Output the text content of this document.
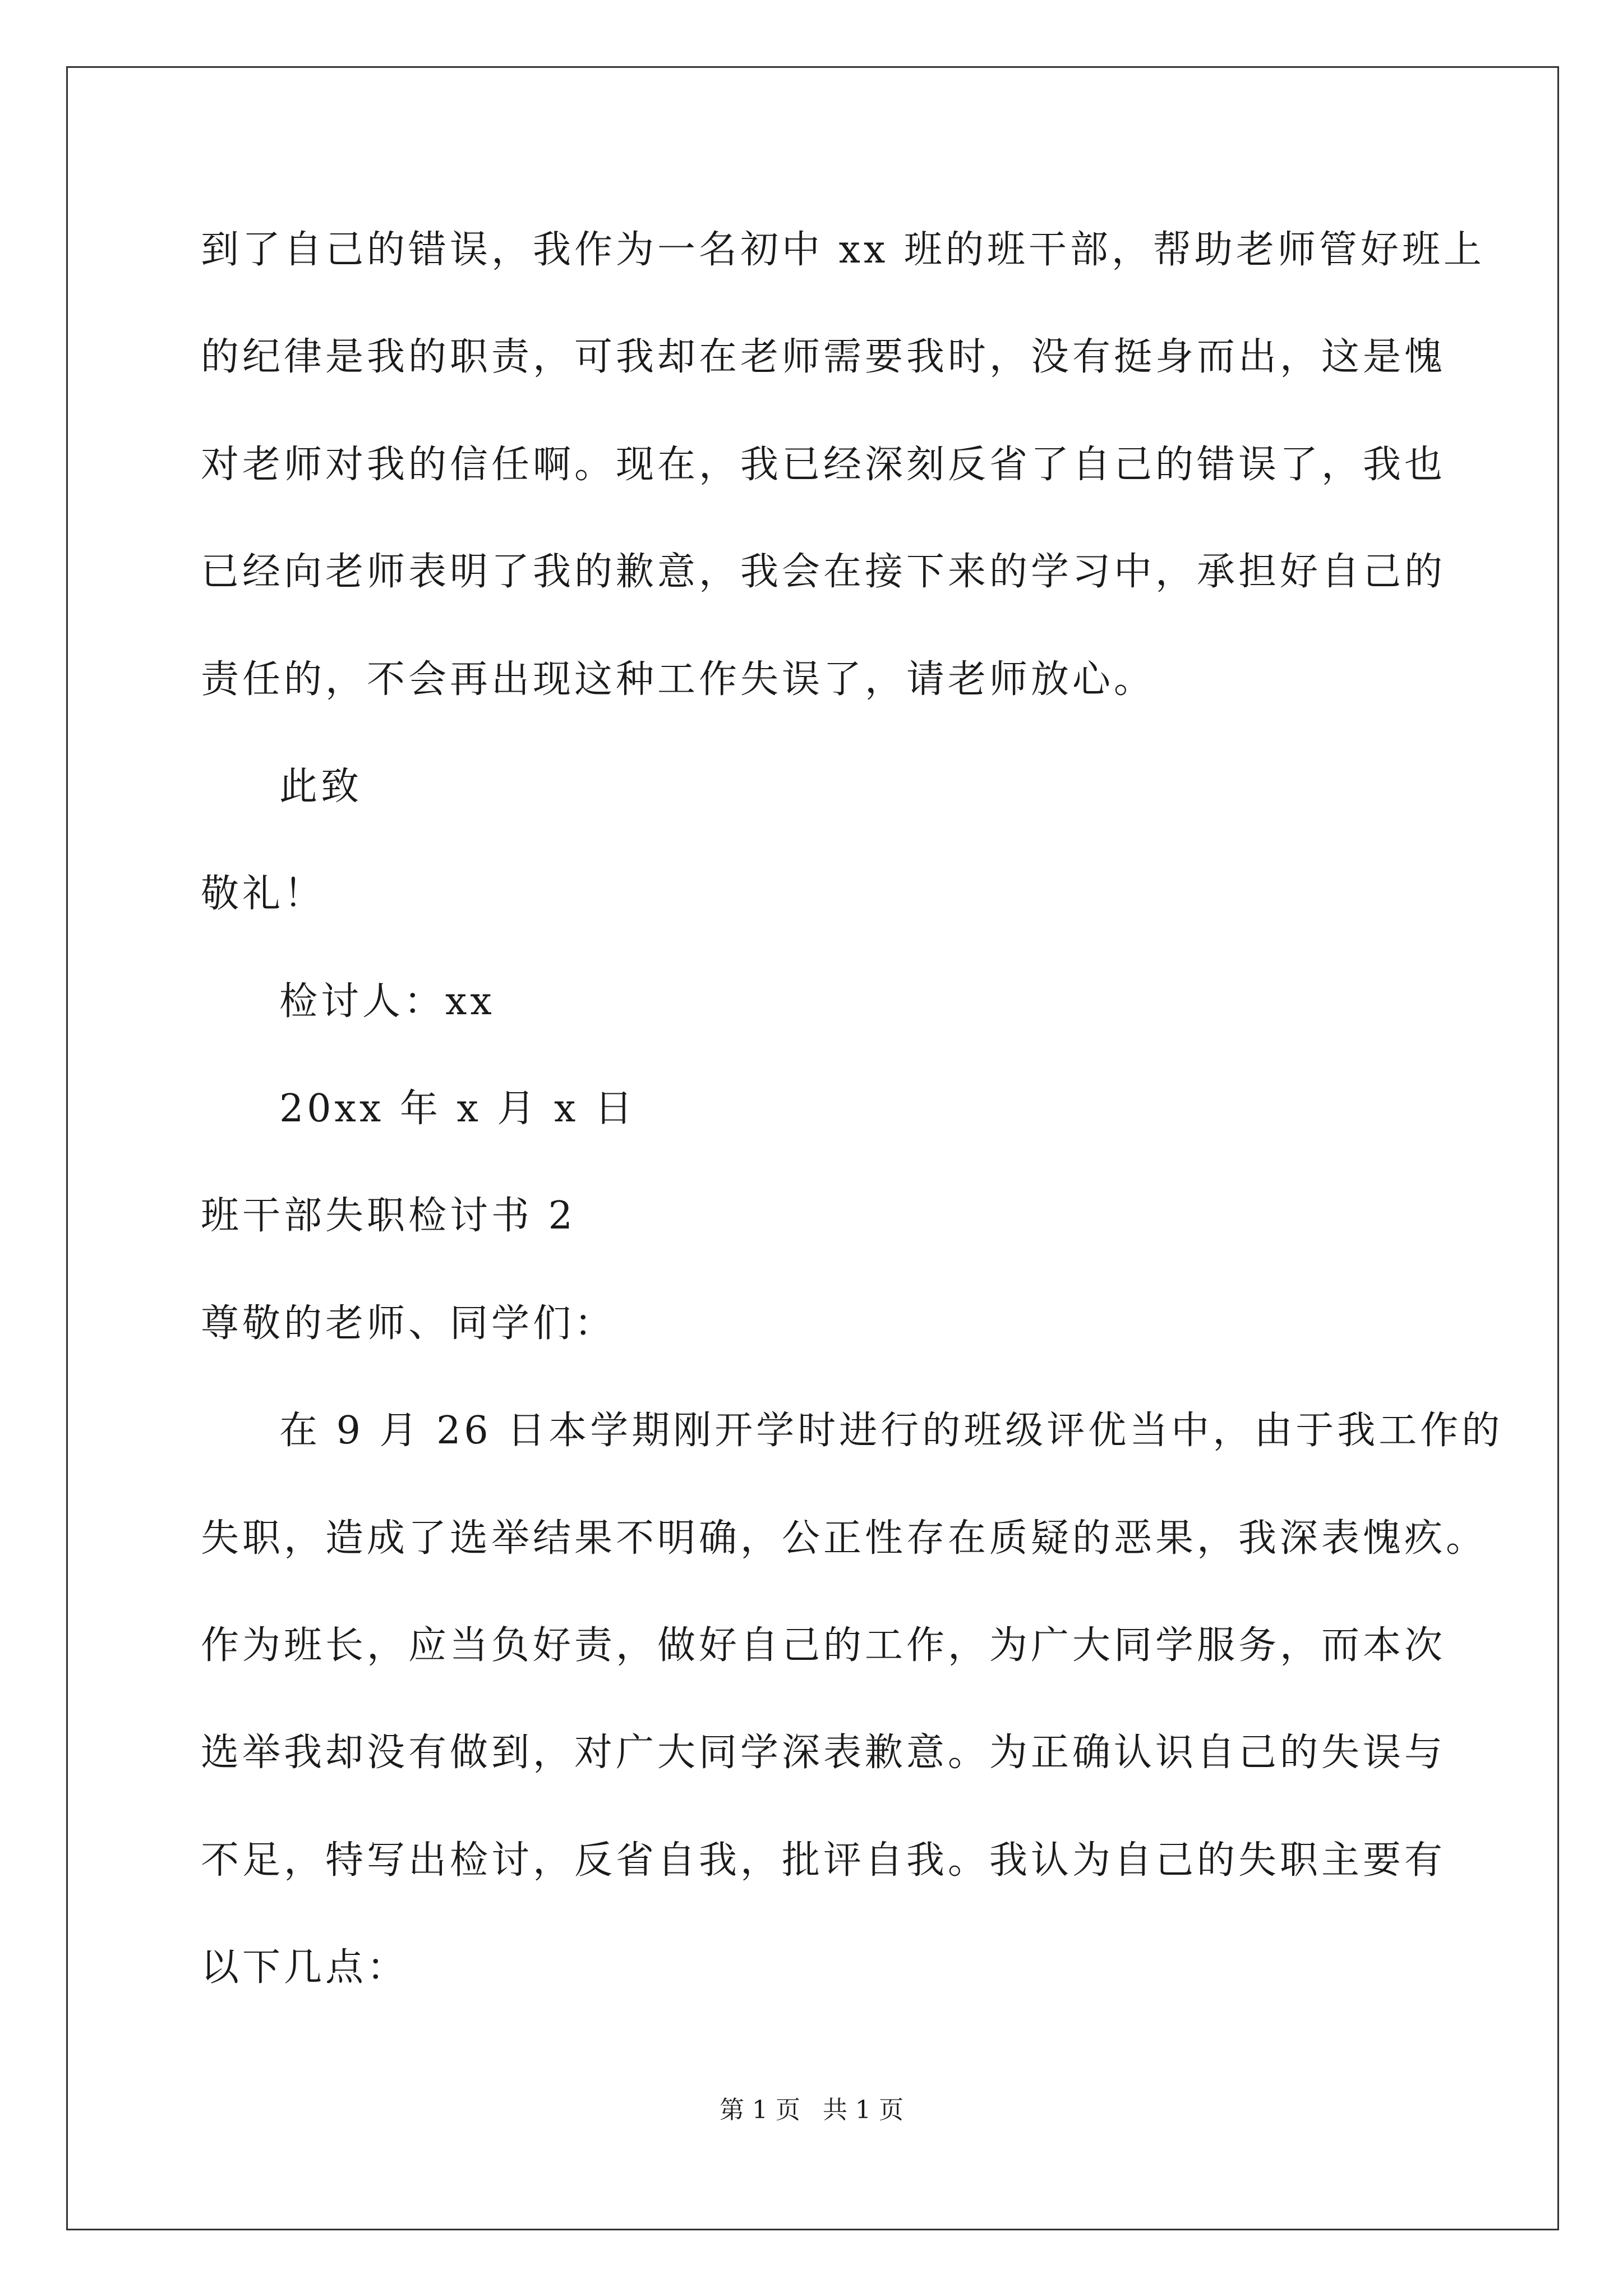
到了自己的错误，我作为一名初中 xx 班的班干部，帮助老师管好班上
的纪律是我的职责，可我却在老师需要我时，没有挺身而出，这是愧
对老师对我的信任啊。现在，我已经深刻反省了自己的错误了，我也
已经向老师表明了我的歉意，我会在接下来的学习中，承担好自己的
责任的，不会再出现这种工作失误了，请老师放心。
此致
敬礼！
检讨人：xx
20xx 年 x 月 x 日
班干部失职检讨书 2
尊敬的老师、同学们：
在 9 月 26 日本学期刚开学时进行的班级评优当中，由于我工作的
失职，造成了选举结果不明确，公正性存在质疑的恶果，我深表愧疚。
作为班长，应当负好责，做好自己的工作，为广大同学服务，而本次
选举我却没有做到，对广大同学深表歉意。为正确认识自己的失误与
不足，特写出检讨，反省自我，批评自我。我认为自己的失职主要有
以下几点：
第 1 页 共 1 页
